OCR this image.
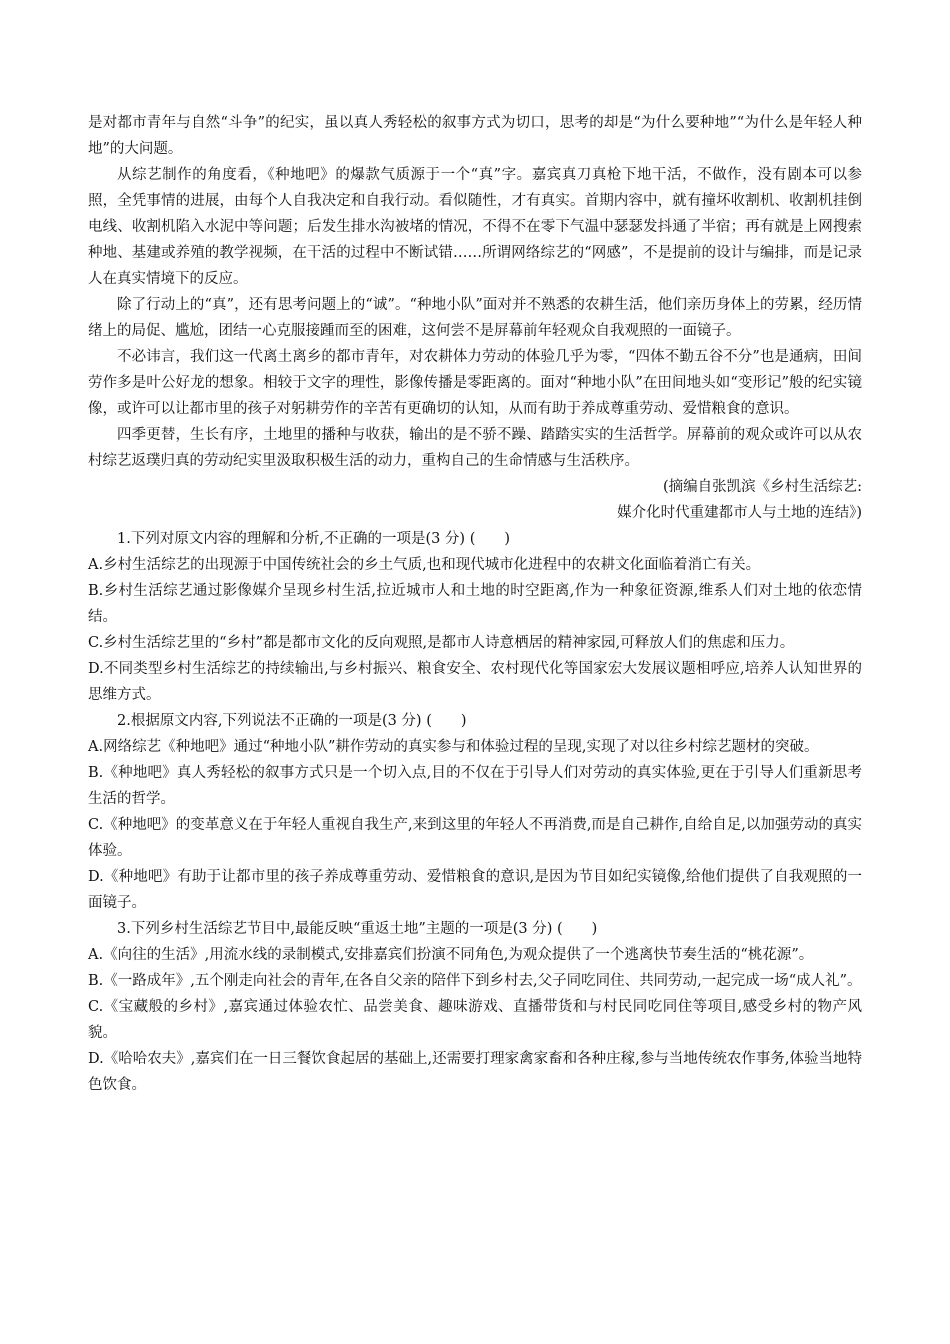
是对都市青年与自然“斗争”的纪实，虽以真人秀轻松的叙事方式为切口，思考的却是“为什么要种地”“为什么是年轻人种地”的大问题。

从综艺制作的角度看，《种地吧》的爆款气质源于一个“真”字。嘉宾真刀真枪下地干活，不做作，没有剧本可以参照，全凭事情的进展，由每个人自我决定和自我行动。看似随性，才有真实。首期内容中，就有撞坏收割机、收割机挂倒电线、收割机陷入水泥中等问题；后发生排水沟被堵的情况，不得不在零下气温中瑟瑟发抖通了半宿；再有就是上网搜索种地、基建或养殖的教学视频，在干活的过程中不断试错……所谓网络综艺的“网感”，不是提前的设计与编排，而是记录人在真实情境下的反应。

除了行动上的“真”，还有思考问题上的“诚”。“种地小队”面对并不熟悉的农耕生活，他们亲历身体上的劳累，经历情绪上的局促、尴尬，团结一心克服接踵而至的困难，这何尝不是屏幕前年轻观众自我观照的一面镜子。

不必讳言，我们这一代离土离乡的都市青年，对农耕体力劳动的体验几乎为零，“四体不勤五谷不分”也是通病，田间劳作多是叶公好龙的想象。相较于文字的理性，影像传播是零距离的。面对“种地小队”在田间地头如“变形记”般的纪实镜像，或许可以让都市里的孩子对躬耕劳作的辛苦有更确切的认知，从而有助于养成尊重劳动、爱惜粮食的意识。

四季更替，生长有序，土地里的播种与收获，输出的是不骄不躁、踏踏实实的生活哲学。屏幕前的观众或许可以从农村综艺返璞归真的劳动纪实里汲取积极生活的动力，重构自己的生命情感与生活秩序。

(摘编自张凯滨《乡村生活综艺:

媒介化时代重建都市人与土地的连结》)

1.下列对原文内容的理解和分析,不正确的一项是(3 分) (　　)

A.乡村生活综艺的出现源于中国传统社会的乡土气质,也和现代城市化进程中的农耕文化面临着消亡有关。

B.乡村生活综艺通过影像媒介呈现乡村生活,拉近城市人和土地的时空距离,作为一种象征资源,维系人们对土地的依恋情结。

C.乡村生活综艺里的“乡村”都是都市文化的反向观照,是都市人诗意栖居的精神家园,可释放人们的焦虑和压力。

D.不同类型乡村生活综艺的持续输出,与乡村振兴、粮食安全、农村现代化等国家宏大发展议题相呼应,培养人认知世界的思维方式。

2.根据原文内容,下列说法不正确的一项是(3 分) (　　)

A.网络综艺《种地吧》通过“种地小队”耕作劳动的真实参与和体验过程的呈现,实现了对以往乡村综艺题材的突破。

B.《种地吧》真人秀轻松的叙事方式只是一个切入点,目的不仅在于引导人们对劳动的真实体验,更在于引导人们重新思考生活的哲学。

C.《种地吧》的变革意义在于年轻人重视自我生产,来到这里的年轻人不再消费,而是自己耕作,自给自足,以加强劳动的真实体验。

D.《种地吧》有助于让都市里的孩子养成尊重劳动、爱惜粮食的意识,是因为节目如纪实镜像,给他们提供了自我观照的一面镜子。

3.下列乡村生活综艺节目中,最能反映“重返土地”主题的一项是(3 分) (　　)

A.《向往的生活》,用流水线的录制模式,安排嘉宾们扮演不同角色,为观众提供了一个逃离快节奏生活的“桃花源”。

B.《一路成年》,五个刚走向社会的青年,在各自父亲的陪伴下到乡村去,父子同吃同住、共同劳动,一起完成一场“成人礼”。

C.《宝藏般的乡村》,嘉宾通过体验农忙、品尝美食、趣味游戏、直播带货和与村民同吃同住等项目,感受乡村的物产风貌。

D.《哈哈农夫》,嘉宾们在一日三餐饮食起居的基础上,还需要打理家禽家畜和各种庄稼,参与当地传统农作事务,体验当地特色饮食。
